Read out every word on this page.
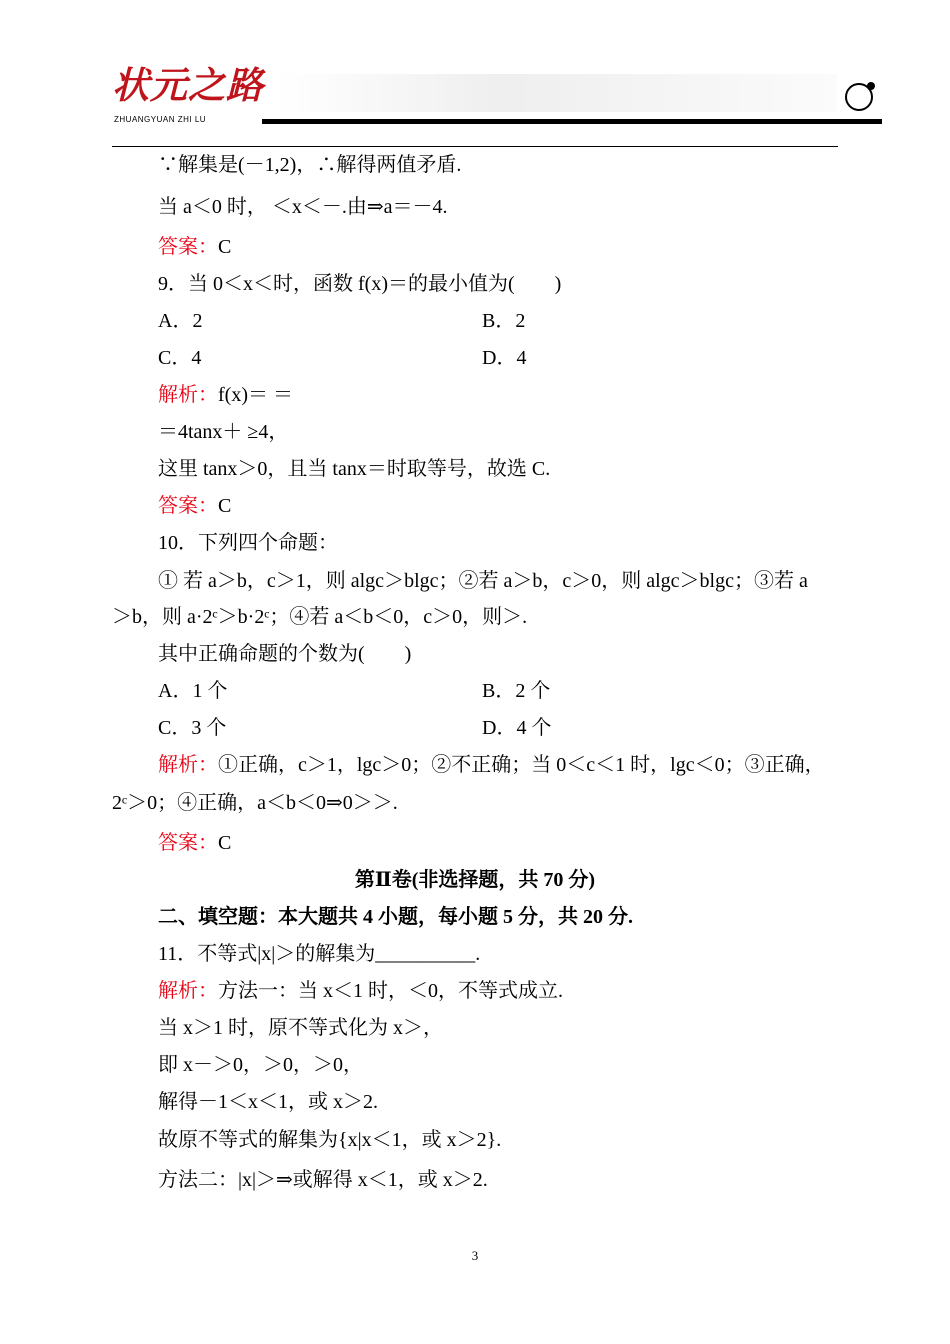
状元之路
ZHUANGYUAN ZHI LU
∵解集是(－1,2)，∴解得两值矛盾.
当 a＜0 时， ＜x＜－.由⇒a＝－4.
答案：C
9．当 0＜x＜时，函数 f(x)＝的最小值为(　　)
A．2	B．2
C．4	D．4
解析：f(x)＝ ＝
＝4tanx＋ ≥4，
这里 tanx＞0，且当 tanx＝时取等号，故选 C.
答案：C
10．下列四个命题：
① 若 a＞b，c＞1，则 algc＞blgc；②若 a＞b，c＞0，则 algc＞blgc；③若 a
＞b，则 a·2ᶜ＞b·2ᶜ；④若 a＜b＜0，c＞0，则＞.
其中正确命题的个数为(　　)
A．1 个	B．2 个
C．3 个	D．4 个
解析：①正确，c＞1，lgc＞0；②不正确；当 0＜c＜1 时，lgc＜0；③正确，
2ᶜ＞0；④正确，a＜b＜0⇒0＞＞.
答案：C
第Ⅱ卷(非选择题，共 70 分)
二、填空题：本大题共 4 小题，每小题 5 分，共 20 分.
11．不等式|x|＞的解集为__________.
解析：方法一：当 x＜1 时，＜0，不等式成立.
当 x＞1 时，原不等式化为 x＞，
即 x－＞0，＞0，＞0，
解得－1＜x＜1，或 x＞2.
故原不等式的解集为{x|x＜1，或 x＞2}.
方法二：|x|＞⇒或解得 x＜1，或 x＞2.
3
